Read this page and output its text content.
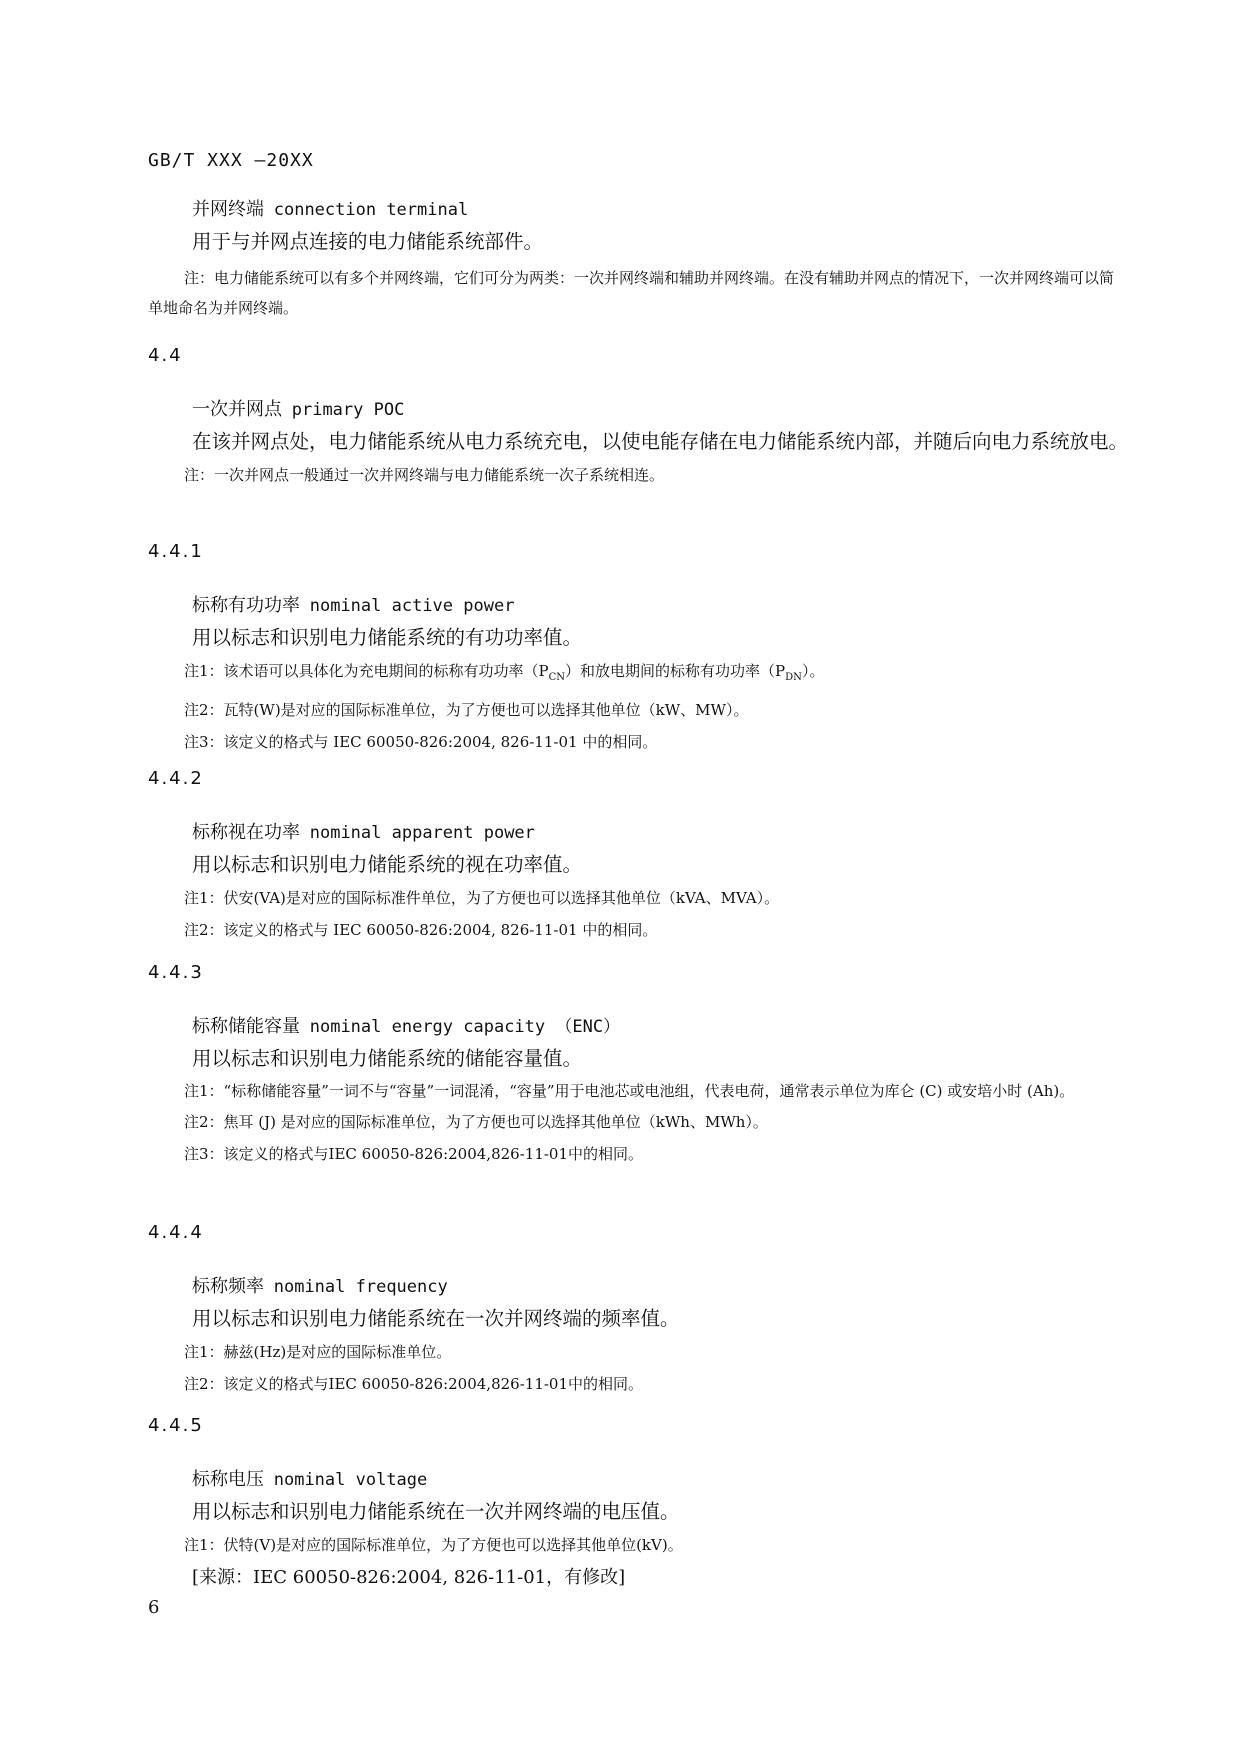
GB/T XXX —20XX
并网终端 connection terminal
用于与并网点连接的电力储能系统部件。
注：电力储能系统可以有多个并网终端，它们可分为两类：一次并网终端和辅助并网终端。在没有辅助并网点的情况下，一次并网终端可以简单地命名为并网终端。
4.4
一次并网点 primary POC
在该并网点处，电力储能系统从电力系统充电，以使电能存储在电力储能系统内部，并随后向电力系统放电。
注：一次并网点一般通过一次并网终端与电力储能系统一次子系统相连。
4.4.1
标称有功功率 nominal active power
用以标志和识别电力储能系统的有功功率值。
注1：该术语可以具体化为充电期间的标称有功功率$(P_{CN})$和放电期间的标称有功功率$(P_{DN})$。
注2：瓦特(W)是对应的国际标准单位，为了方便也可以选择其他单位（kW、MW）。
注3：该定义的格式与 IEC 60050-826:2004, 826-11-01 中的相同。
4.4.2
标称视在功率 nominal apparent power
用以标志和识别电力储能系统的视在功率值。
注1：伏安(VA)是对应的国际标准件单位，为了方便也可以选择其他单位（kVA、MVA）。
注2：该定义的格式与 IEC 60050-826:2004, 826-11-01 中的相同。
4.4.3
标称储能容量 nominal energy capacity （ENC）
用以标志和识别电力储能系统的储能容量值。
注1：“标称储能容量”一词不与“容量”一词混淆，“容量”用于电池芯或电池组，代表电荷，通常表示单位为库仑 (C) 或安培小时 (Ah)。
注2：焦耳 (J) 是对应的国际标准单位，为了方便也可以选择其他单位（kWh、MWh）。
注3：该定义的格式与IEC 60050-826:2004,826-11-01中的相同。
4.4.4
标称频率 nominal frequency
用以标志和识别电力储能系统在一次并网终端的频率值。
注1：赫兹(Hz)是对应的国际标准单位。
注2：该定义的格式与IEC 60050-826:2004,826-11-01中的相同。
4.4.5
标称电压 nominal voltage
用以标志和识别电力储能系统在一次并网终端的电压值。
注1：伏特(V)是对应的国际标准单位，为了方便也可以选择其他单位(kV)。
[来源：IEC 60050-826:2004, 826-11-01，有修改]
6
